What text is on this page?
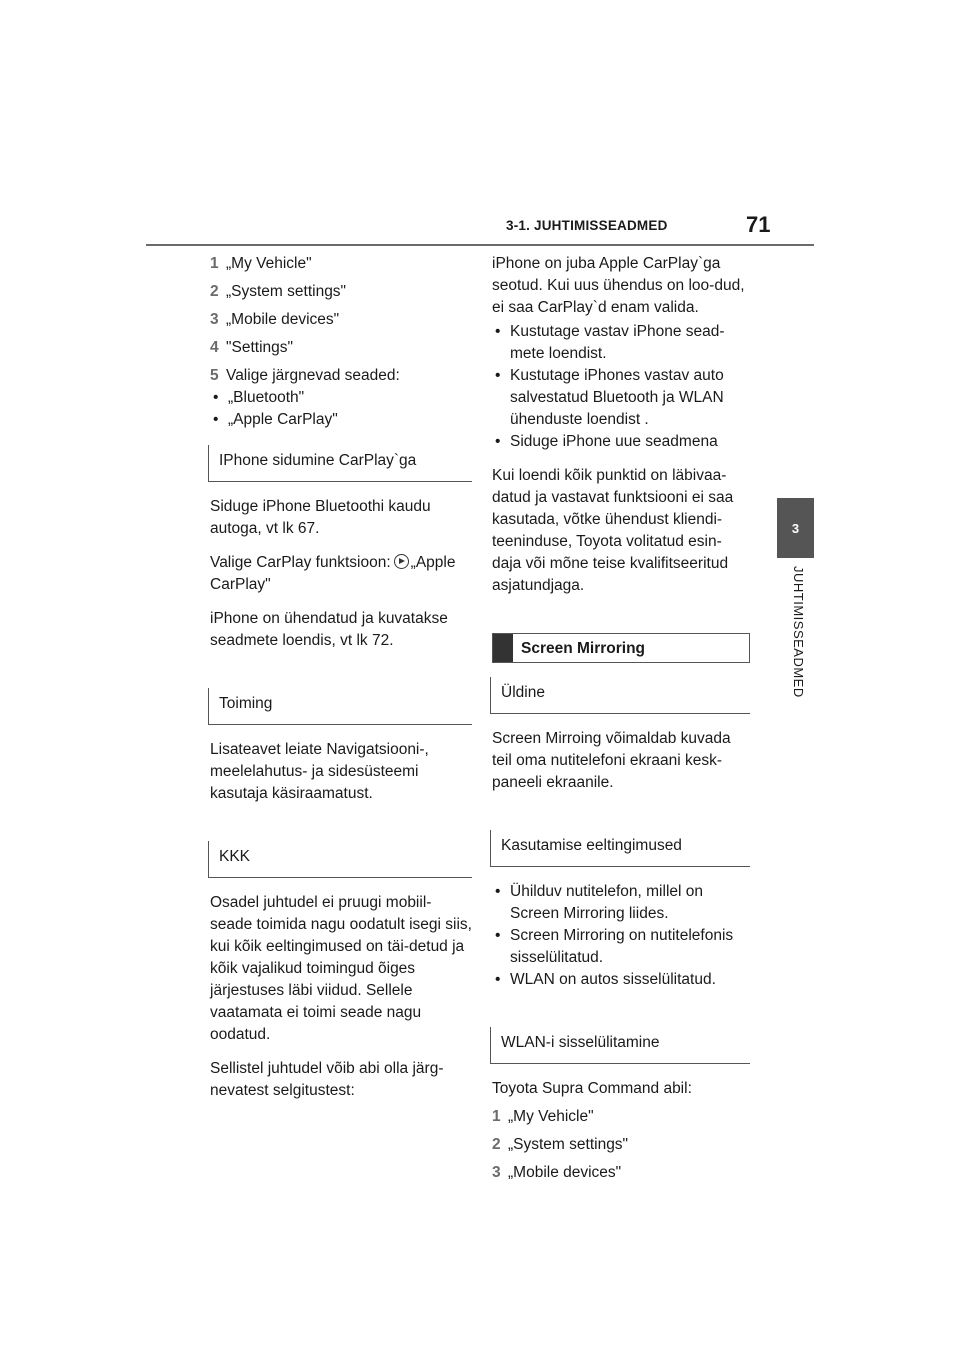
3-1. JUHTIMISSEADMED	71
3
JUHTIMISSEADMED
1 „My Vehicle"
2 „System settings"
3 „Mobile devices"
4 "Settings"
5 Valige järgnevad seaded:
• „Bluetooth"
• „Apple CarPlay"
IPhone sidumine CarPlay`ga

Siduge iPhone Bluetoothi kaudu autoga, vt lk 67.

Valige CarPlay funktsioon: „Apple CarPlay"

iPhone on ühendatud ja kuvatakse seadmete loendis, vt lk 72.

Toiming

Lisateavet leiate Navigatsiooni-, meelelahutus- ja sidesüsteemi kasutaja käsiraamatust.

KKK

Osadel juhtudel ei pruugi mobiil-seade toimida nagu oodatult isegi siis, kui kõik eeltingimused on täi-detud ja kõik vajalikud toimingud õiges järjestuses läbi viidud. Sellele vaatamata ei toimi seade nagu oodatud.

Sellistel juhtudel võib abi olla järg-nevatest selgitustest:

iPhone on juba Apple CarPlay`ga seotud. Kui uus ühendus on loo-dud, ei saa CarPlay`d enam valida.

• Kustutage vastav iPhone sead-mete loendist.
• Kustutage iPhones vastav auto salvestatud Bluetooth ja WLAN ühenduste loendist .
• Siduge iPhone uue seadmena

Kui loendi kõik punktid on läbivaa-datud ja vastavat funktsiooni ei saa kasutada, võtke ühendust kliendi-teeninduse, Toyota volitatud esin-daja või mõne teise kvalifitseeritud asjatundjaga.

Screen Mirroring
Üldine

Screen Mirroing võimaldab kuvada teil oma nutitelefoni ekraani kesk-paneeli ekraanile.

Kasutamise eeltingimused
• Ühilduv nutitelefon, millel on Screen Mirroring liides.
• Screen Mirroring on nutitelefonis sisselülitatud.
• WLAN on autos sisselülitatud.
WLAN-i sisselülitamine

Toyota Supra Command abil:

1 „My Vehicle"
2 „System settings"
3 „Mobile devices"
